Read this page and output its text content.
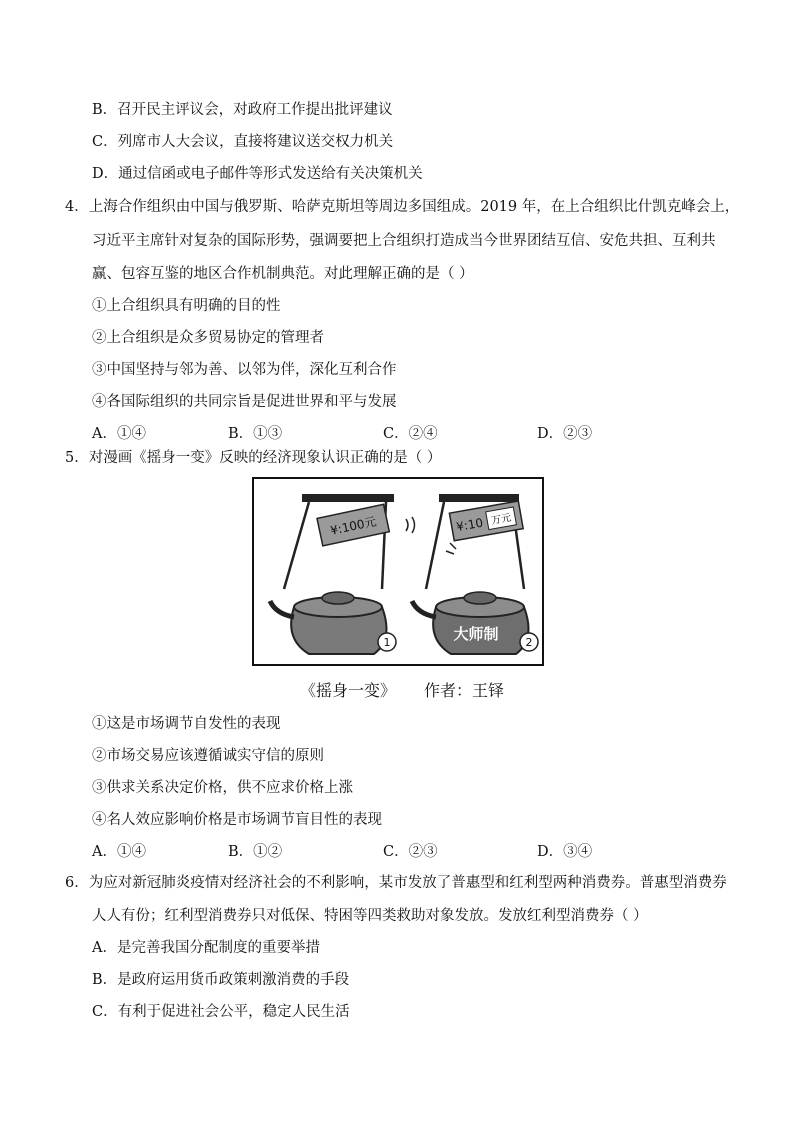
B．召开民主评议会，对政府工作提出批评建议
C．列席市人大会议，直接将建议送交权力机关
D．通过信函或电子邮件等形式发送给有关决策机关
4．上海合作组织由中国与俄罗斯、哈萨克斯坦等周边多国组成。2019 年，在上合组织比什凯克峰会上，
习近平主席针对复杂的国际形势，强调要把上合组织打造成当今世界团结互信、安危共担、互利共
赢、包容互鉴的地区合作机制典范。对此理解正确的是（ ）
①上合组织具有明确的目的性
②上合组织是众多贸易协定的管理者
③中国坚持与邻为善、以邻为伴，深化互利合作
④各国际组织的共同宗旨是促进世界和平与发展
A．①④	B．①③	C．②④	D．②③
5．对漫画《摇身一变》反映的经济现象认识正确的是（ ）
¥:100元
1
¥:10 万元
大师制 2
《摇身一变》 作者：王铎
①这是市场调节自发性的表现
②市场交易应该遵循诚实守信的原则
③供求关系决定价格，供不应求价格上涨
④名人效应影响价格是市场调节盲目性的表现
A．①④	B．①②	C．②③	D．③④
6．为应对新冠肺炎疫情对经济社会的不利影响，某市发放了普惠型和红利型两种消费券。普惠型消费券
人人有份；红利型消费券只对低保、特困等四类救助对象发放。发放红利型消费券（ ）
A．是完善我国分配制度的重要举措
B．是政府运用货币政策刺激消费的手段
C．有利于促进社会公平，稳定人民生活
